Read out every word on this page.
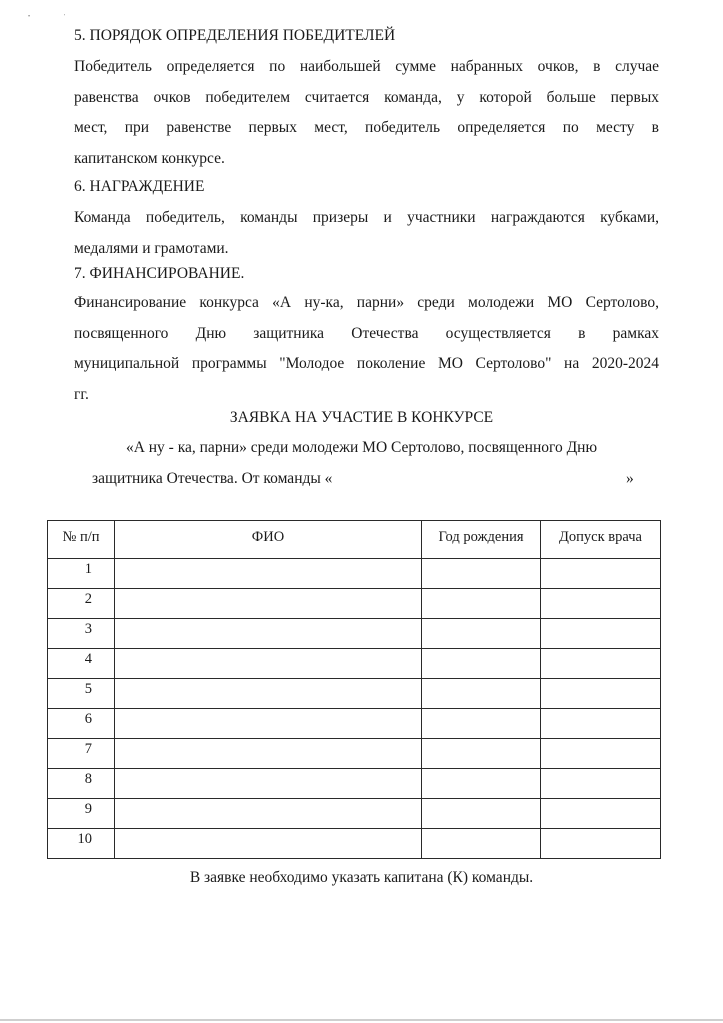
•	'
5. ПОРЯДОК ОПРЕДЕЛЕНИЯ ПОБЕДИТЕЛЕЙ
Победитель определяется по наибольшей сумме набранных очков, в случае
равенства очков победителем считается команда, у которой больше первых
мест, при равенстве первых мест, победитель определяется по месту в
капитанском конкурсе.
6. НАГРАЖДЕНИЕ
Команда победитель, команды призеры и участники награждаются кубками,
медалями и грамотами.
7. ФИНАНСИРОВАНИЕ.
Финансирование конкурса «А ну-ка, парни» среди молодежи МО Сертолово,
посвященного Дню защитника Отечества осуществляется в рамках
муниципальной программы "Молодое поколение МО Сертолово" на 2020-2024
гг.
ЗАЯВКА НА УЧАСТИЕ В КОНКУРСЕ
«А ну - ка, парни» среди молодежи МО Сертолово, посвященного Дню
защитника Отечества. От команды «	»
№ п/п	ФИО	Год рождения	Допуск врача
1			
2			
3			
4			
5			
6			
7			
8			
9			
10			
В заявке необходимо указать капитана (К) команды.
